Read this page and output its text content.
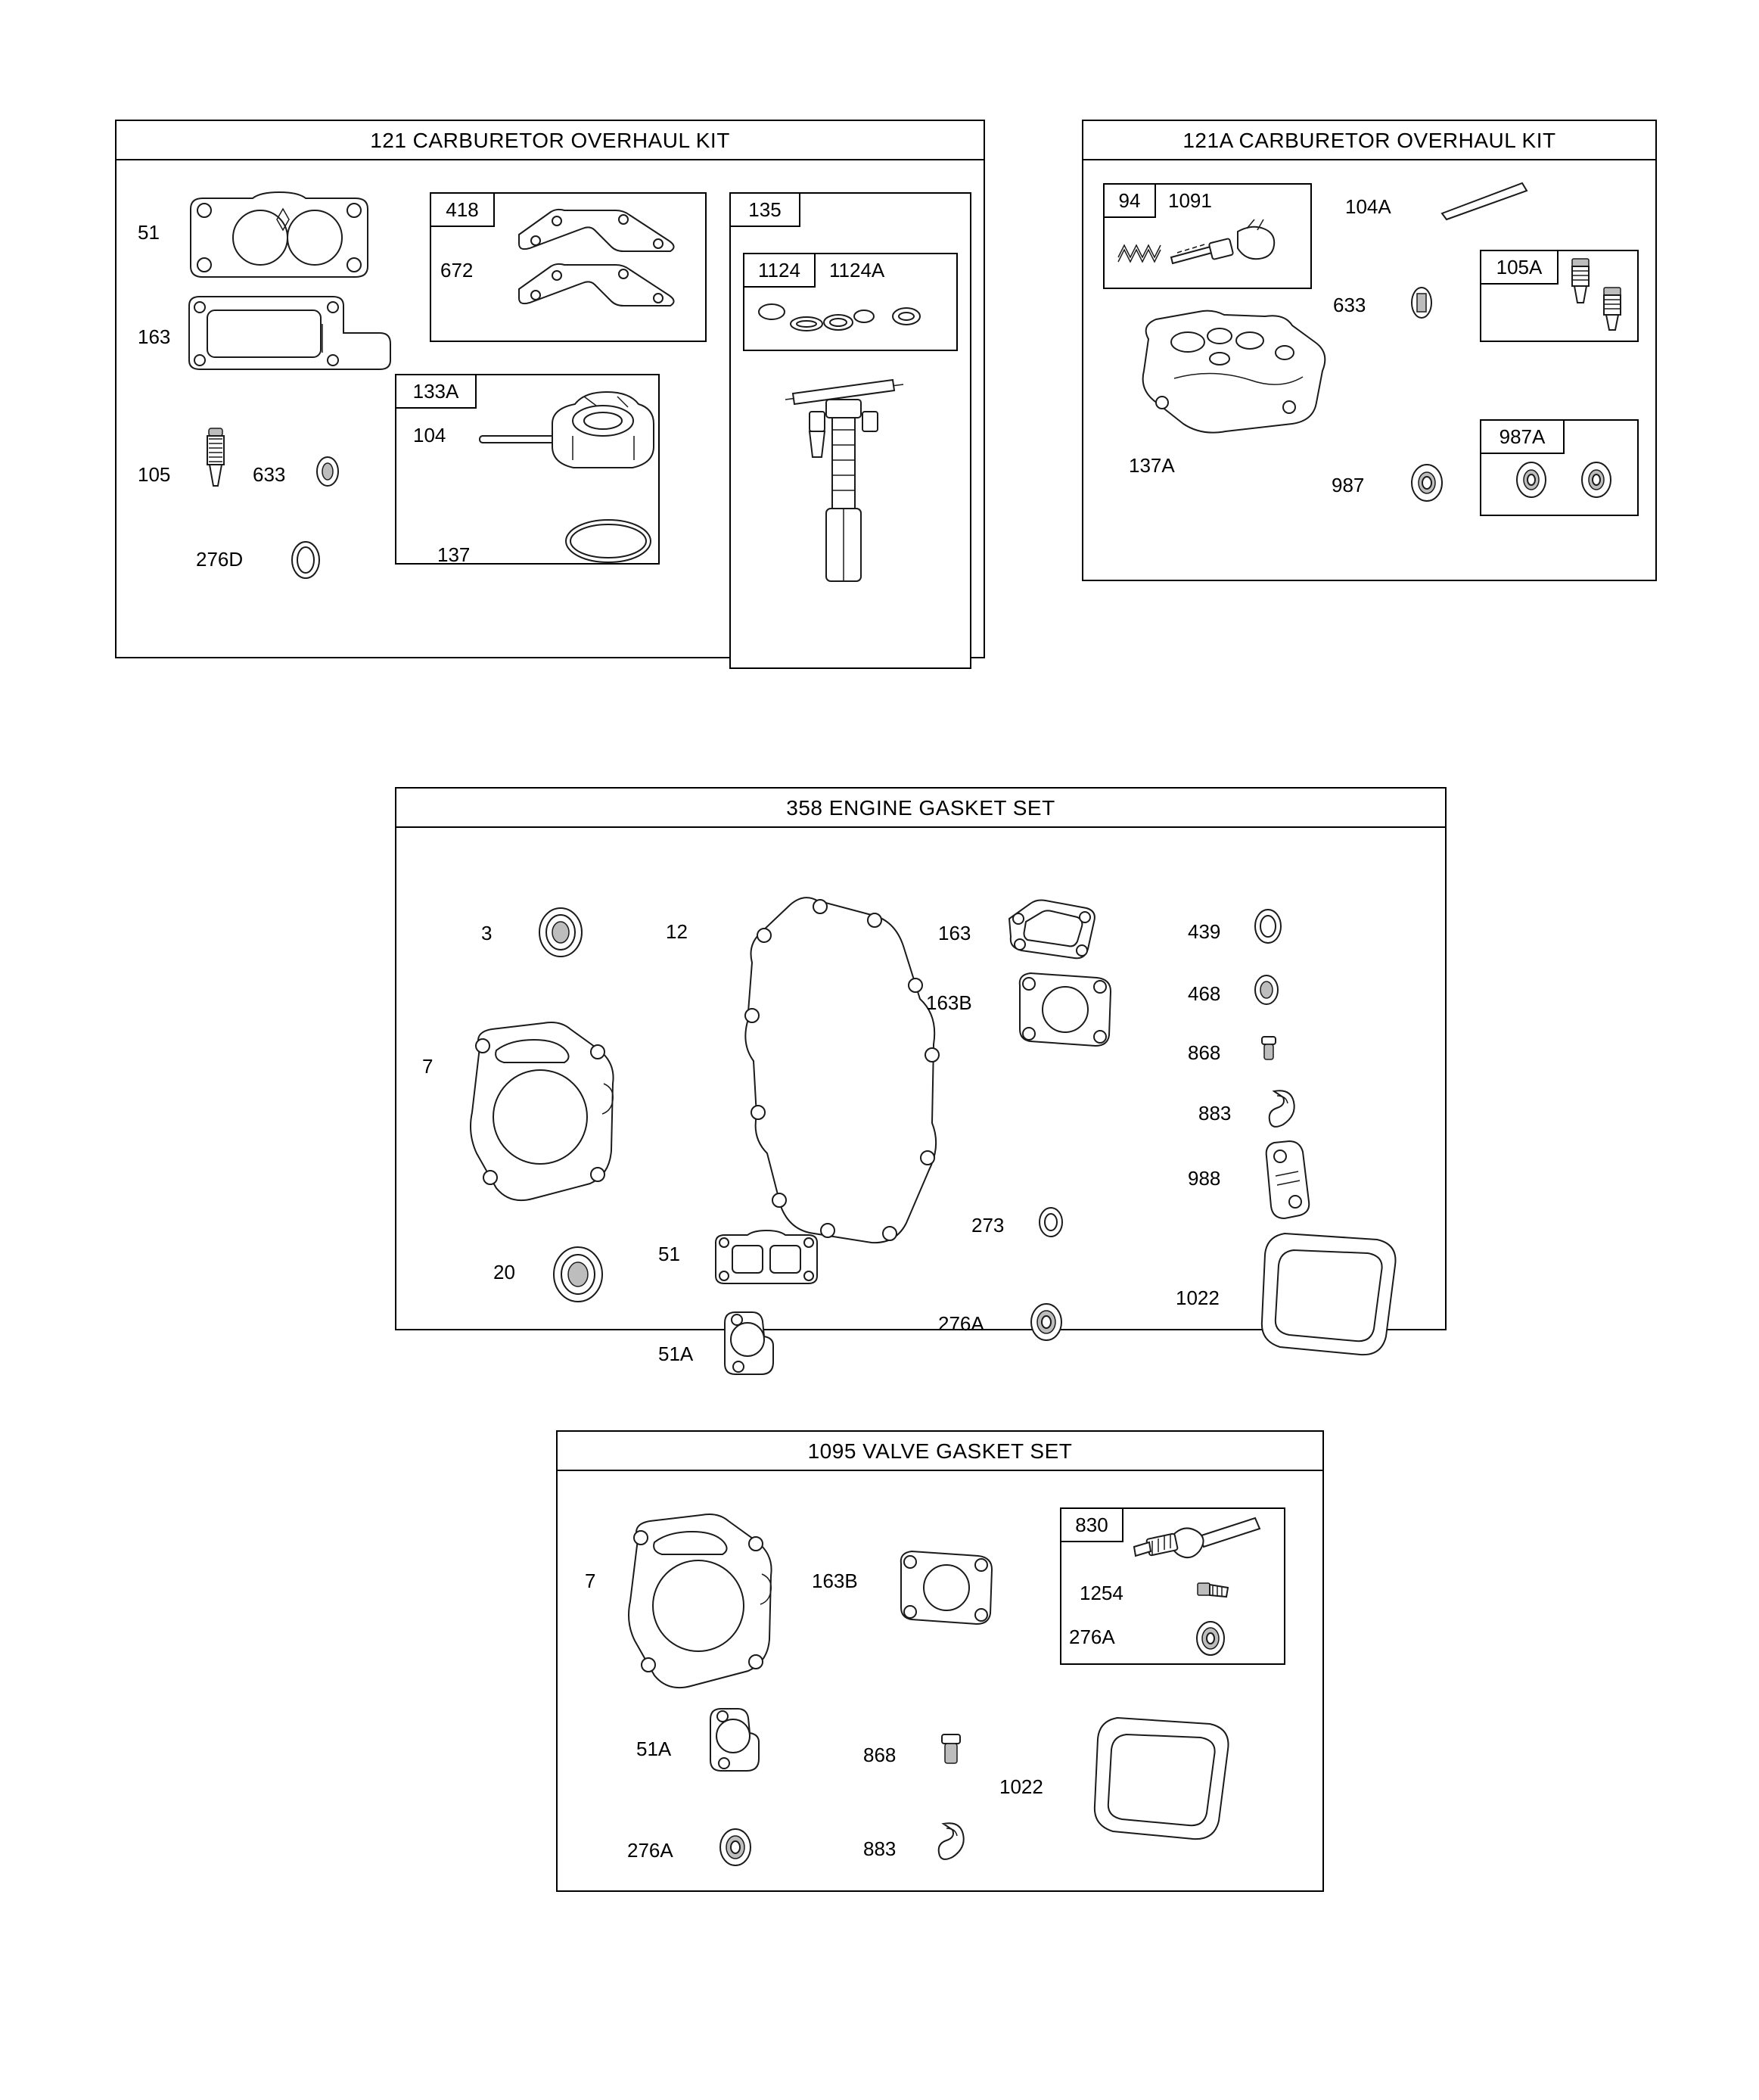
121 CARBURETOR OVERHAUL KIT
51
163
105	633
276D
418
672
133A
104
137
135
1124	1124A
121A CARBURETOR OVERHAUL KIT
94	1091	104A
633
105A
137A
987
987A
358 ENGINE GASKET SET
3
7
20
12
51
51A
163
163B
273
276A
439
468
868
883
988
1022
1095 VALVE GASKET SET
7	163B
830
1254
276A
51A
276A
868
883
1022
